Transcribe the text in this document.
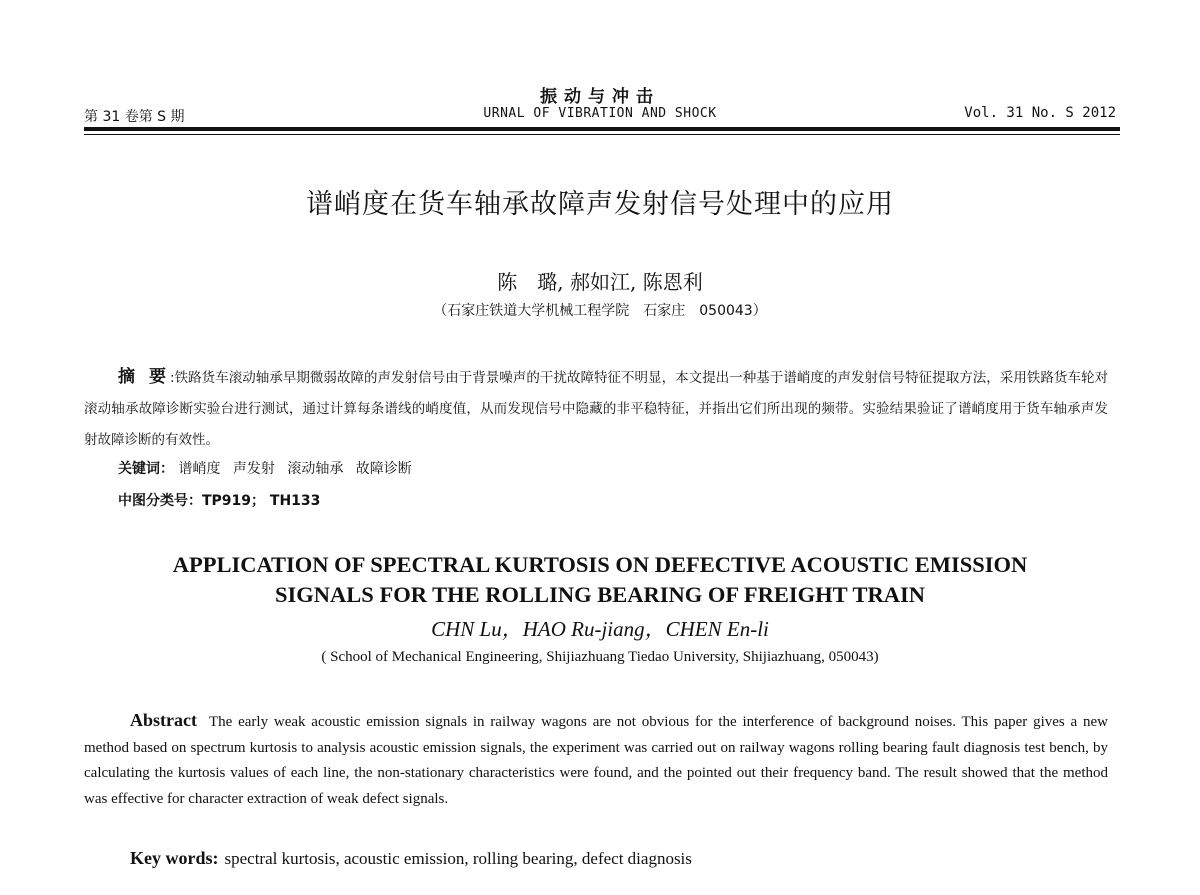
振动与冲击
第 31 卷第 S 期	URNAL OF VIBRATION AND SHOCK	Vol. 31 No. S 2012
谱峭度在货车轴承故障声发射信号处理中的应用
陈　璐, 郝如江, 陈恩利
（石家庄铁道大学机械工程学院　石家庄　050043）
摘 要:铁路货车滚动轴承早期微弱故障的声发射信号由于背景噪声的干扰故障特征不明显，本文提出一种基于谱峭度的声发射信号特征提取方法，采用铁路货车轮对滚动轴承故障诊断实验台进行测试，通过计算每条谱线的峭度值，从而发现信号中隐藏的非平稳特征，并指出它们所出现的频带。实验结果验证了谱峭度用于货车轴承声发射故障诊断的有效性。
关键词： 谱峭度 声发射 滚动轴承 故障诊断
中图分类号：TP919； TH133
APPLICATION OF SPECTRAL KURTOSIS ON DEFECTIVE ACOUSTIC EMISSION
SIGNALS FOR THE ROLLING BEARING OF FREIGHT TRAIN
CHN Lu，HAO Ru-jiang，CHEN En-li
( School of Mechanical Engineering, Shijiazhuang Tiedao University, Shijiazhuang, 050043)
Abstract The early weak acoustic emission signals in railway wagons are not obvious for the interference of background noises. This paper gives a new method based on spectrum kurtosis to analysis acoustic emission signals, the experiment was carried out on railway wagons rolling bearing fault diagnosis test bench, by calculating the kurtosis values of each line, the non-stationary characteristics were found, and the pointed out their frequency band. The result showed that the method was effective for character extraction of weak defect signals.
Key words: spectral kurtosis, acoustic emission, rolling bearing, defect diagnosis
